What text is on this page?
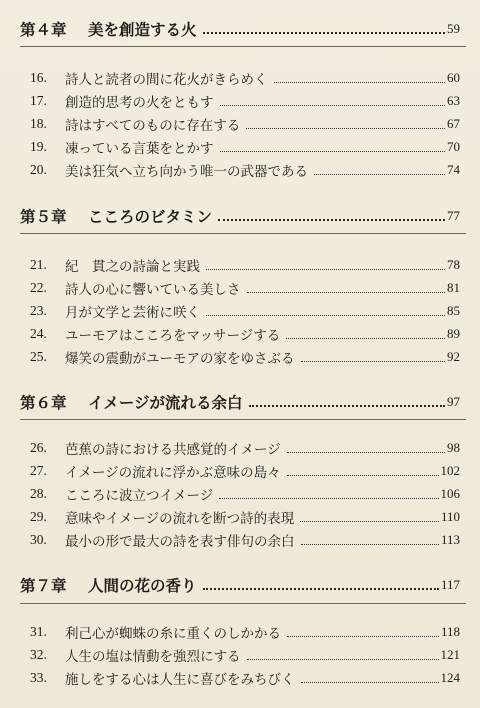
第４章	美を創造する火	59
16.	詩人と読者の間に花火がきらめく	60
17.	創造的思考の火をともす	63
18.	詩はすべてのものに存在する	67
19.	凍っている言葉をとかす	70
20.	美は狂気へ立ち向かう唯一の武器である	74
第５章	こころのビタミン	77
21.	紀　貫之の詩論と実践	78
22.	詩人の心に響いている美しさ	81
23.	月が文学と芸術に咲く	85
24.	ユーモアはこころをマッサージする	89
25.	爆笑の震動がユーモアの家をゆさぶる	92
第６章	イメージが流れる余白	97
26.	芭蕉の詩における共感覚的イメージ	98
27.	イメージの流れに浮かぶ意味の島々	102
28.	こころに波立つイメージ	106
29.	意味やイメージの流れを断つ詩的表現	110
30.	最小の形で最大の詩を表す俳句の余白	113
第７章	人間の花の香り	117
31.	利己心が蜘蛛の糸に重くのしかかる	118
32.	人生の塩は情動を強烈にする	121
33.	施しをする心は人生に喜びをみちびく	124
